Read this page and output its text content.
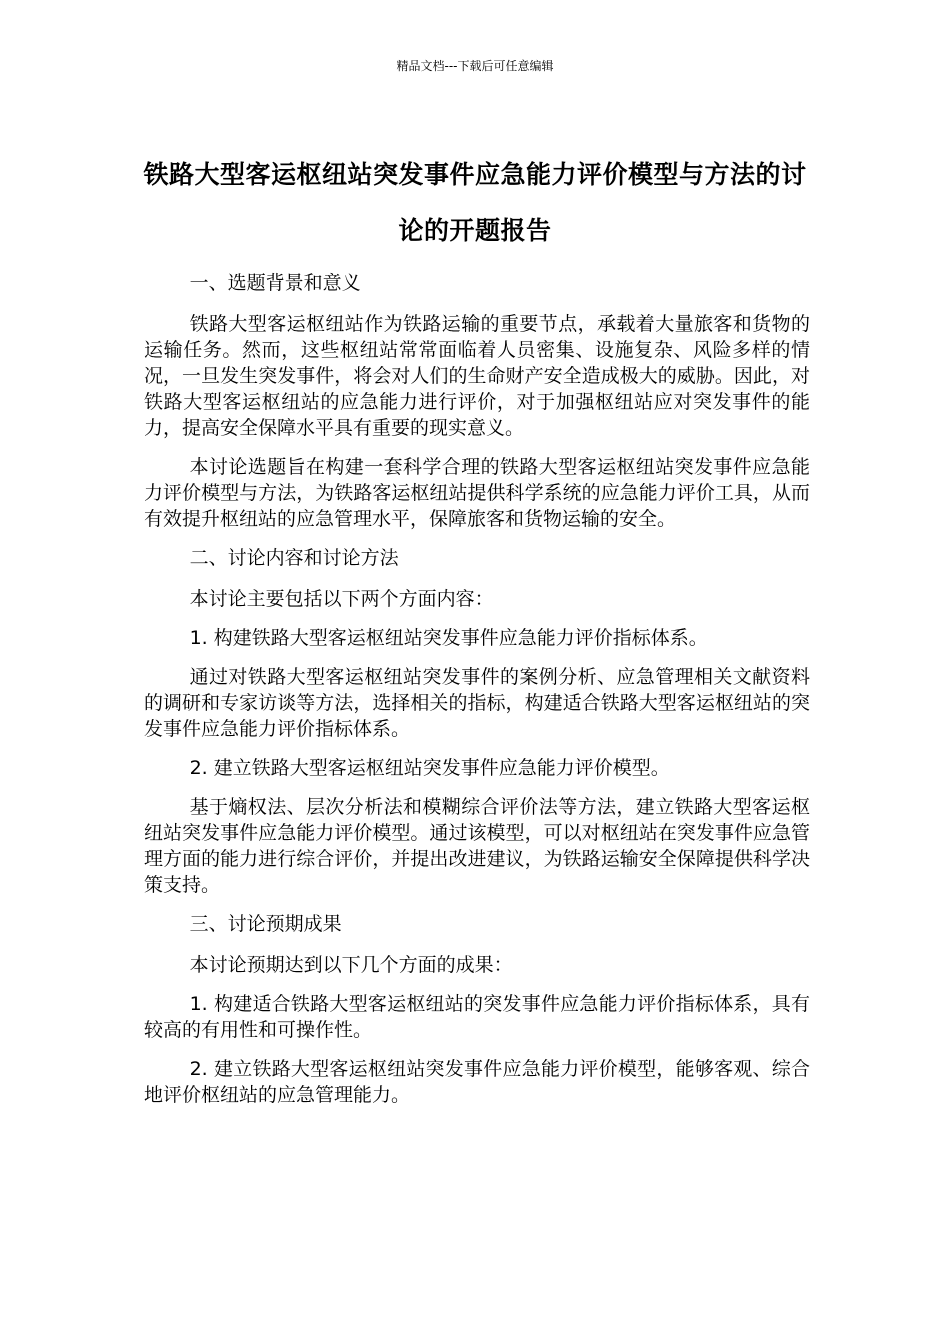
精品文档---下载后可任意编辑
铁路大型客运枢纽站突发事件应急能力评价模型与方法的讨论的开题报告

一、选题背景和意义

铁路大型客运枢纽站作为铁路运输的重要节点，承载着大量旅客和货物的运输任务。然而，这些枢纽站常常面临着人员密集、设施复杂、风险多样的情况，一旦发生突发事件，将会对人们的生命财产安全造成极大的威胁。因此，对铁路大型客运枢纽站的应急能力进行评价，对于加强枢纽站应对突发事件的能力，提高安全保障水平具有重要的现实意义。

本讨论选题旨在构建一套科学合理的铁路大型客运枢纽站突发事件应急能力评价模型与方法，为铁路客运枢纽站提供科学系统的应急能力评价工具，从而有效提升枢纽站的应急管理水平，保障旅客和货物运输的安全。

二、讨论内容和讨论方法

本讨论主要包括以下两个方面内容：

1. 构建铁路大型客运枢纽站突发事件应急能力评价指标体系。

通过对铁路大型客运枢纽站突发事件的案例分析、应急管理相关文献资料的调研和专家访谈等方法，选择相关的指标，构建适合铁路大型客运枢纽站的突发事件应急能力评价指标体系。

2. 建立铁路大型客运枢纽站突发事件应急能力评价模型。

基于熵权法、层次分析法和模糊综合评价法等方法，建立铁路大型客运枢纽站突发事件应急能力评价模型。通过该模型，可以对枢纽站在突发事件应急管理方面的能力进行综合评价，并提出改进建议，为铁路运输安全保障提供科学决策支持。

三、讨论预期成果

本讨论预期达到以下几个方面的成果：

1. 构建适合铁路大型客运枢纽站的突发事件应急能力评价指标体系，具有较高的有用性和可操作性。

2. 建立铁路大型客运枢纽站突发事件应急能力评价模型，能够客观、综合地评价枢纽站的应急管理能力。
